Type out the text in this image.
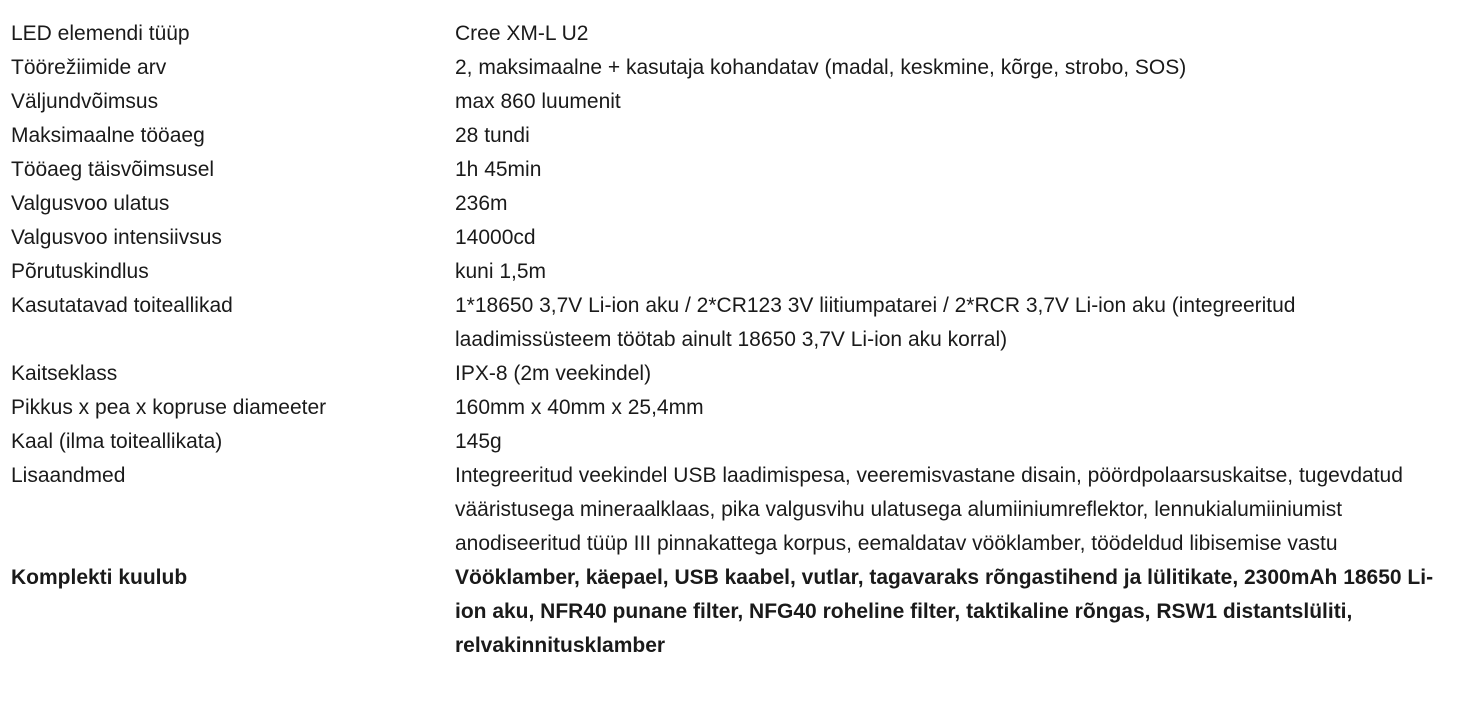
LED elemendi tüüp	Cree XM-L U2
Töörežiimide arv	2, maksimaalne + kasutaja kohandatav (madal, keskmine, kõrge, strobo, SOS)
Väljundvõimsus	max 860 luumenit
Maksimaalne tööaeg	28 tundi
Tööaeg täisvõimsusel	1h 45min
Valgusvoo ulatus	236m
Valgusvoo intensiivsus	14000cd
Põrutuskindlus	kuni 1,5m
Kasutatavad toiteallikad	1*18650 3,7V Li-ion aku / 2*CR123 3V liitiumpatarei / 2*RCR 3,7V Li-ion aku (integreeritud laadimissüsteem töötab ainult 18650 3,7V Li-ion aku korral)
Kaitseklass	IPX-8 (2m veekindel)
Pikkus x pea x kopruse diameeter	160mm x 40mm x 25,4mm
Kaal (ilma toiteallikata)	145g
Lisaandmed	Integreeritud veekindel USB laadimispesa, veeremisvastane disain, pöördpolaarsuskaitse, tugevdatud vääristusega mineraalklaas, pika valgusvihu ulatusega alumiiniumreflektor, lennukialumiiniumist anodiseeritud tüüp III pinnakattega korpus, eemaldatav vööklamber, töödeldud libisemise vastu
Komplekti kuulub	Vööklamber, käepael, USB kaabel, vutlar, tagavaraks rõngastihend ja lülitikate, 2300mAh 18650 Li-ion aku, NFR40 punane filter, NFG40 roheline filter, taktikaline rõngas, RSW1 distantslüliti, relvakinnitusklamber
